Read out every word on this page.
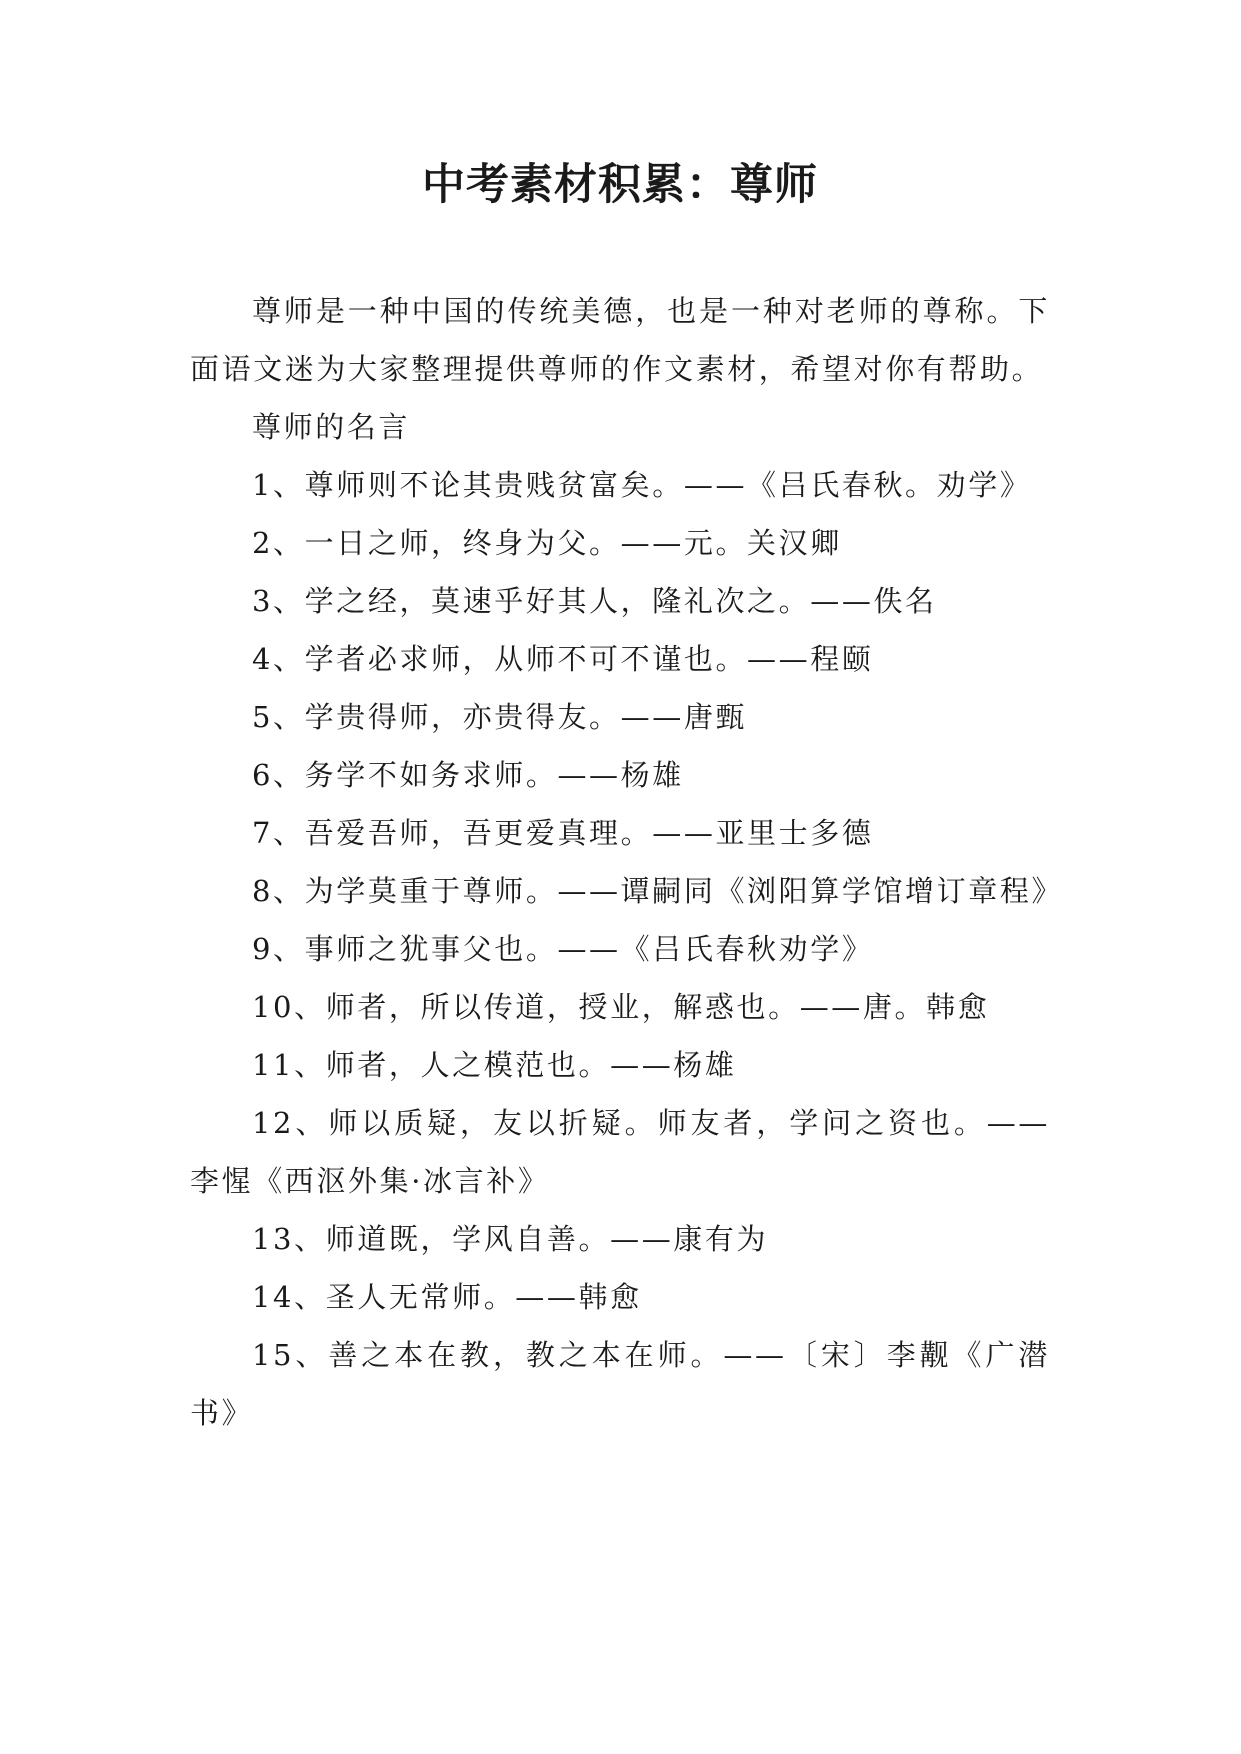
中考素材积累：尊师

尊师是一种中国的传统美德，也是一种对老师的尊称。下面语文迷为大家整理提供尊师的作文素材，希望对你有帮助。

尊师的名言

1、尊师则不论其贵贱贫富矣。——《吕氏春秋。劝学》

2、一日之师，终身为父。——元。关汉卿

3、学之经，莫速乎好其人，隆礼次之。——佚名

4、学者必求师，从师不可不谨也。——程颐

5、学贵得师，亦贵得友。——唐甄

6、务学不如务求师。——杨雄

7、吾爱吾师，吾更爱真理。——亚里士多德

8、为学莫重于尊师。——谭嗣同《浏阳算学馆增订章程》

9、事师之犹事父也。——《吕氏春秋劝学》

10、师者，所以传道，授业，解惑也。——唐。韩愈

11、师者，人之模范也。——杨雄

12、师以质疑，友以折疑。师友者，学问之资也。——李惺《西沤外集·冰言补》

13、师道既，学风自善。——康有为

14、圣人无常师。——韩愈

15、善之本在教，教之本在师。——〔宋〕李觏《广潜书》
